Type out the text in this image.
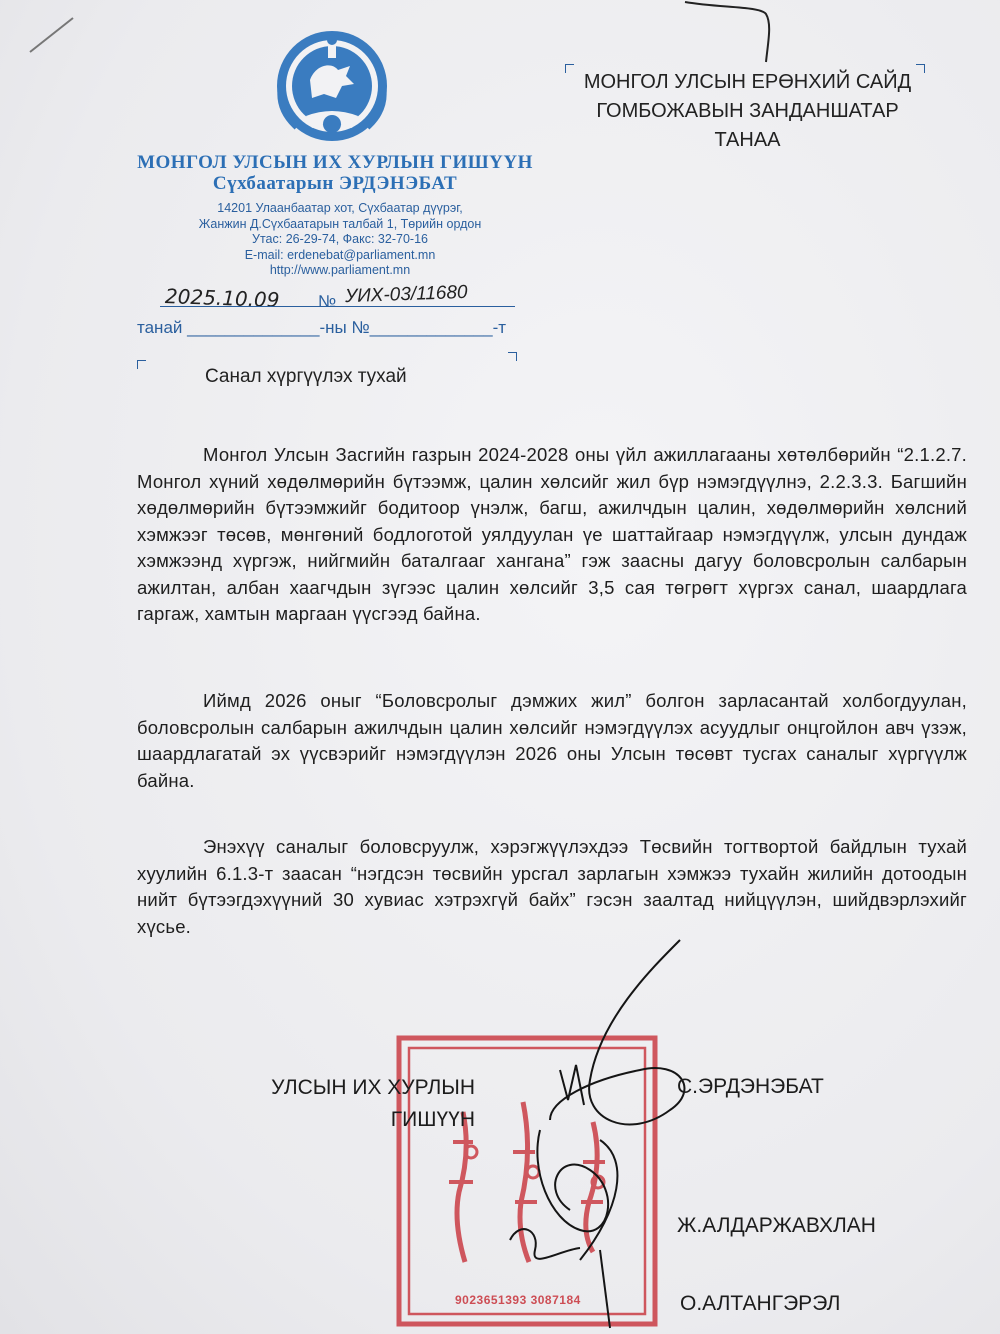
МОНГОЛ УЛСЫН ИХ ХУРЛЫН ГИШҮҮН
Сүхбаатарын ЭРДЭНЭБАТ
14201 Улаанбаатар хот, Сүхбаатар дүүрэг,
Жанжин Д.Сүхбаатарын талбай 1, Төрийн ордон
Утас: 26-29-74, Факс: 32-70-16
E-mail: erdenebat@parliament.mn
http://www.parliament.mn
2025.10.09 № УИХ-03/11680
танай ______________-ны №_____________-т
МОНГОЛ УЛСЫН ЕРӨНХИЙ САЙД
ГОМБОЖАВЫН ЗАНДАНШАТАР
ТАНАА
Санал хүргүүлэх тухай

Монгол Улсын Засгийн газрын 2024-2028 оны үйл ажиллагааны хөтөлбөрийн “2.1.2.7. Монгол хүний хөдөлмөрийн бүтээмж, цалин хөлсийг жил бүр нэмэгдүүлнэ, 2.2.3.3. Багшийн хөдөлмөрийн бүтээмжийг бодитоор үнэлж, багш, ажилчдын цалин, хөдөлмөрийн хөлсний хэмжээг төсөв, мөнгөний бодлоготой уялдуулан үе шаттайгаар нэмэгдүүлж, улсын дундаж хэмжээнд хүргэж, нийгмийн баталгааг хангана” гэж заасны дагуу боловсролын салбарын ажилтан, албан хаагчдын зүгээс цалин хөлсийг 3,5 сая төгрөгт хүргэх санал, шаардлага гаргаж, хамтын маргаан үүсгээд байна.

Иймд 2026 оныг “Боловсролыг дэмжих жил” болгон зарласантай холбогдуулан, боловсролын салбарын ажилчдын цалин хөлсийг нэмэгдүүлэх асуудлыг онцгойлон авч үзэж, шаардлагатай эх үүсвэрийг нэмэгдүүлэн 2026 оны Улсын төсөвт тусгах саналыг хүргүүлж байна.

Энэхүү саналыг боловсруулж, хэрэгжүүлэхдээ Төсвийн тогтвортой байдлын тухай хуулийн 6.1.3-т заасан “нэгдсэн төсвийн урсгал зарлагын хэмжээ тухайн жилийн дотоодын нийт бүтээгдэхүүний 30 хувиас хэтрэхгүй байх” гэсэн заалтад нийцүүлэн, шийдвэрлэхийг хүсье.

9023651393 3087184
УЛСЫН ИХ ХУРЛЫН
ГИШҮҮН
С.ЭРДЭНЭБАТ
Ж.АЛДАРЖАВХЛАН
О.АЛТАНГЭРЭЛ
